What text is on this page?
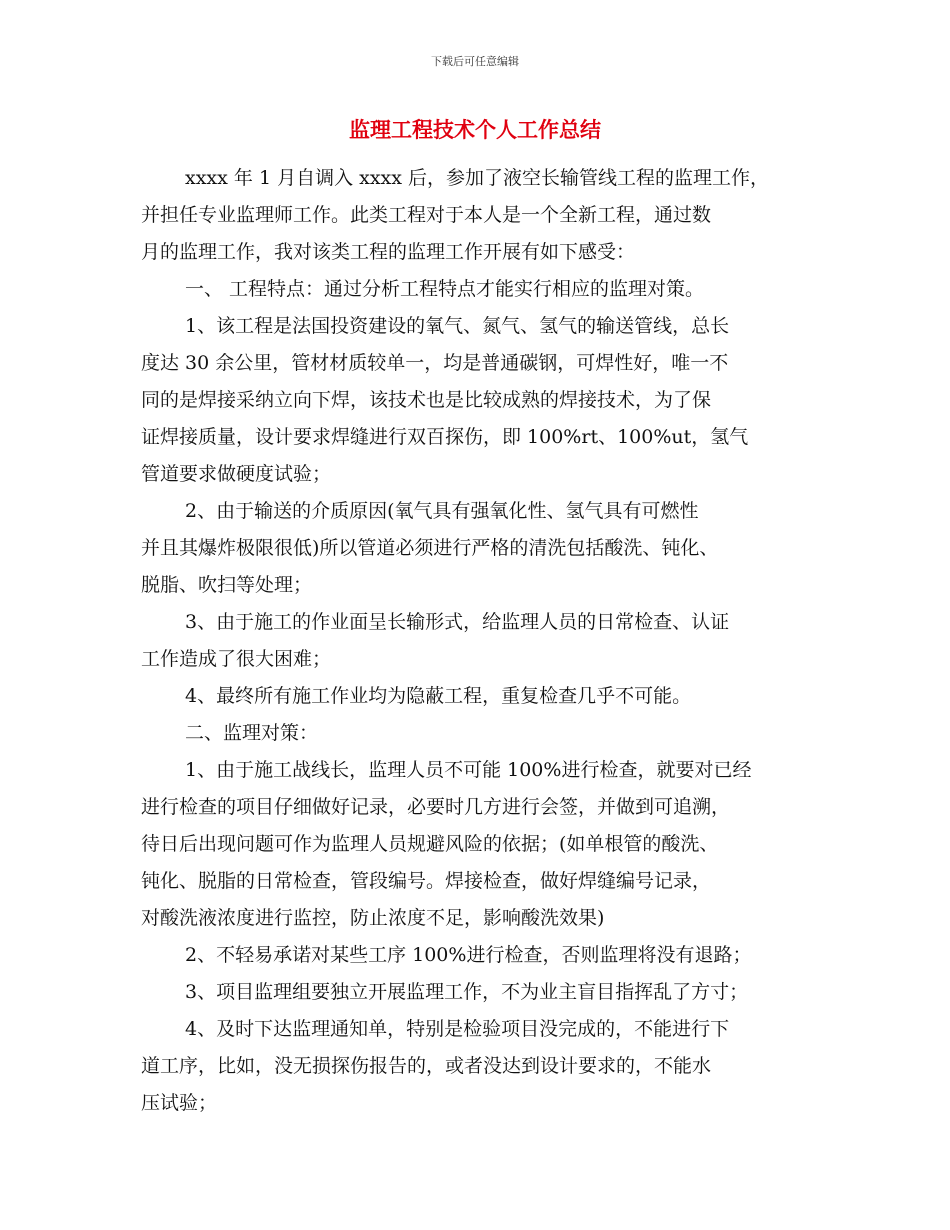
下载后可任意编辑
监理工程技术个人工作总结
xxxx 年 1 月自调入 xxxx 后，参加了液空长输管线工程的监理工作，
并担任专业监理师工作。此类工程对于本人是一个全新工程，通过数
月的监理工作，我对该类工程的监理工作开展有如下感受：
一、 工程特点：通过分析工程特点才能实行相应的监理对策。
1、该工程是法国投资建设的氧气、氮气、氢气的输送管线，总长
度达 30 余公里，管材材质较单一，均是普通碳钢，可焊性好，唯一不
同的是焊接采纳立向下焊，该技术也是比较成熟的焊接技术，为了保
证焊接质量，设计要求焊缝进行双百探伤，即 100%rt、100%ut，氢气
管道要求做硬度试验；
2、由于输送的介质原因(氧气具有强氧化性、氢气具有可燃性
并且其爆炸极限很低)所以管道必须进行严格的清洗包括酸洗、钝化、
脱脂、吹扫等处理；
3、由于施工的作业面呈长输形式，给监理人员的日常检查、认证
工作造成了很大困难；
4、最终所有施工作业均为隐蔽工程，重复检查几乎不可能。
二、监理对策：
1、由于施工战线长，监理人员不可能 100%进行检查，就要对已经
进行检查的项目仔细做好记录，必要时几方进行会签，并做到可追溯，
待日后出现问题可作为监理人员规避风险的依据；(如单根管的酸洗、
钝化、脱脂的日常检查，管段编号。焊接检查，做好焊缝编号记录，
对酸洗液浓度进行监控，防止浓度不足，影响酸洗效果)
2、不轻易承诺对某些工序 100%进行检查，否则监理将没有退路；
3、项目监理组要独立开展监理工作，不为业主盲目指挥乱了方寸；
4、及时下达监理通知单，特别是检验项目没完成的，不能进行下
道工序，比如，没无损探伤报告的，或者没达到设计要求的，不能水
压试验；
